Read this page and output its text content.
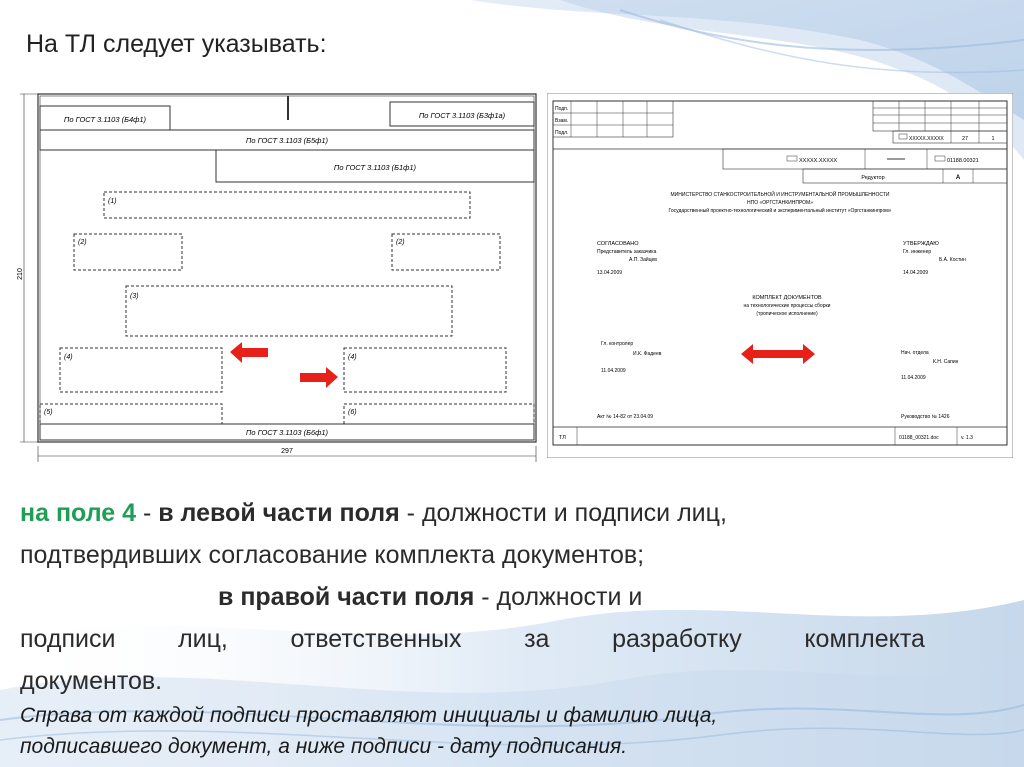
На ТЛ следует указывать:
По ГОСТ 3.1103 (Б4ф1)	По ГОСТ 3.1103 (Б3ф1а)
По ГОСТ 3.1103 (Б5ф1)
По ГОСТ 3.1103 (Б1ф1)
(1)
(2)	(2)
(3)
(4)	(4)
(5)	(6)
По ГОСТ 3.1103 (Б6ф1)
210
297
Подп.
Взам.
Подл.
XXXXX.XXXXX	27	1
XXXXX.XXXXX	01188.00321
Редуктор	А
МИНИСТЕРСТВО СТАНКОСТРОИТЕЛЬНОЙ И ИНСТРУМЕНТАЛЬНОЙ ПРОМЫШЛЕННОСТИ
НПО «ОРГСТАНКИНПРОМ»
Государственный проектно-технологический и экспериментальный институт «Оргстанкинпром»
СОГЛАСОВАНО
Представитель заказчика
А.П. Зайцев
13.04.2009
УТВЕРЖДАЮ
Гл. инженер
Б.А. Костин
14.04.2009
КОМПЛЕКТ ДОКУМЕНТОВ
на технологические процессы сборки
(тропическое исполнение)
Гл. контролер
И.К. Фадеев
11.04.2009
Нач. отдела
К.Н. Сапин
11.04.2009
Акт № 14-82 от 23.04.09	Руководство № 1426
ТЛ	01188_00321.doc	v. 1.3
на поле 4 - в левой части поля - должности и подписи лиц,
подтвердивших согласование комплекта документов;
в правой части поля - должности и
подписи	лиц,	ответственных	за	разработку	комплекта
документов.
Справа от каждой подписи проставляют инициалы и фамилию лица,
подписавшего документ, а ниже подписи - дату подписания.
